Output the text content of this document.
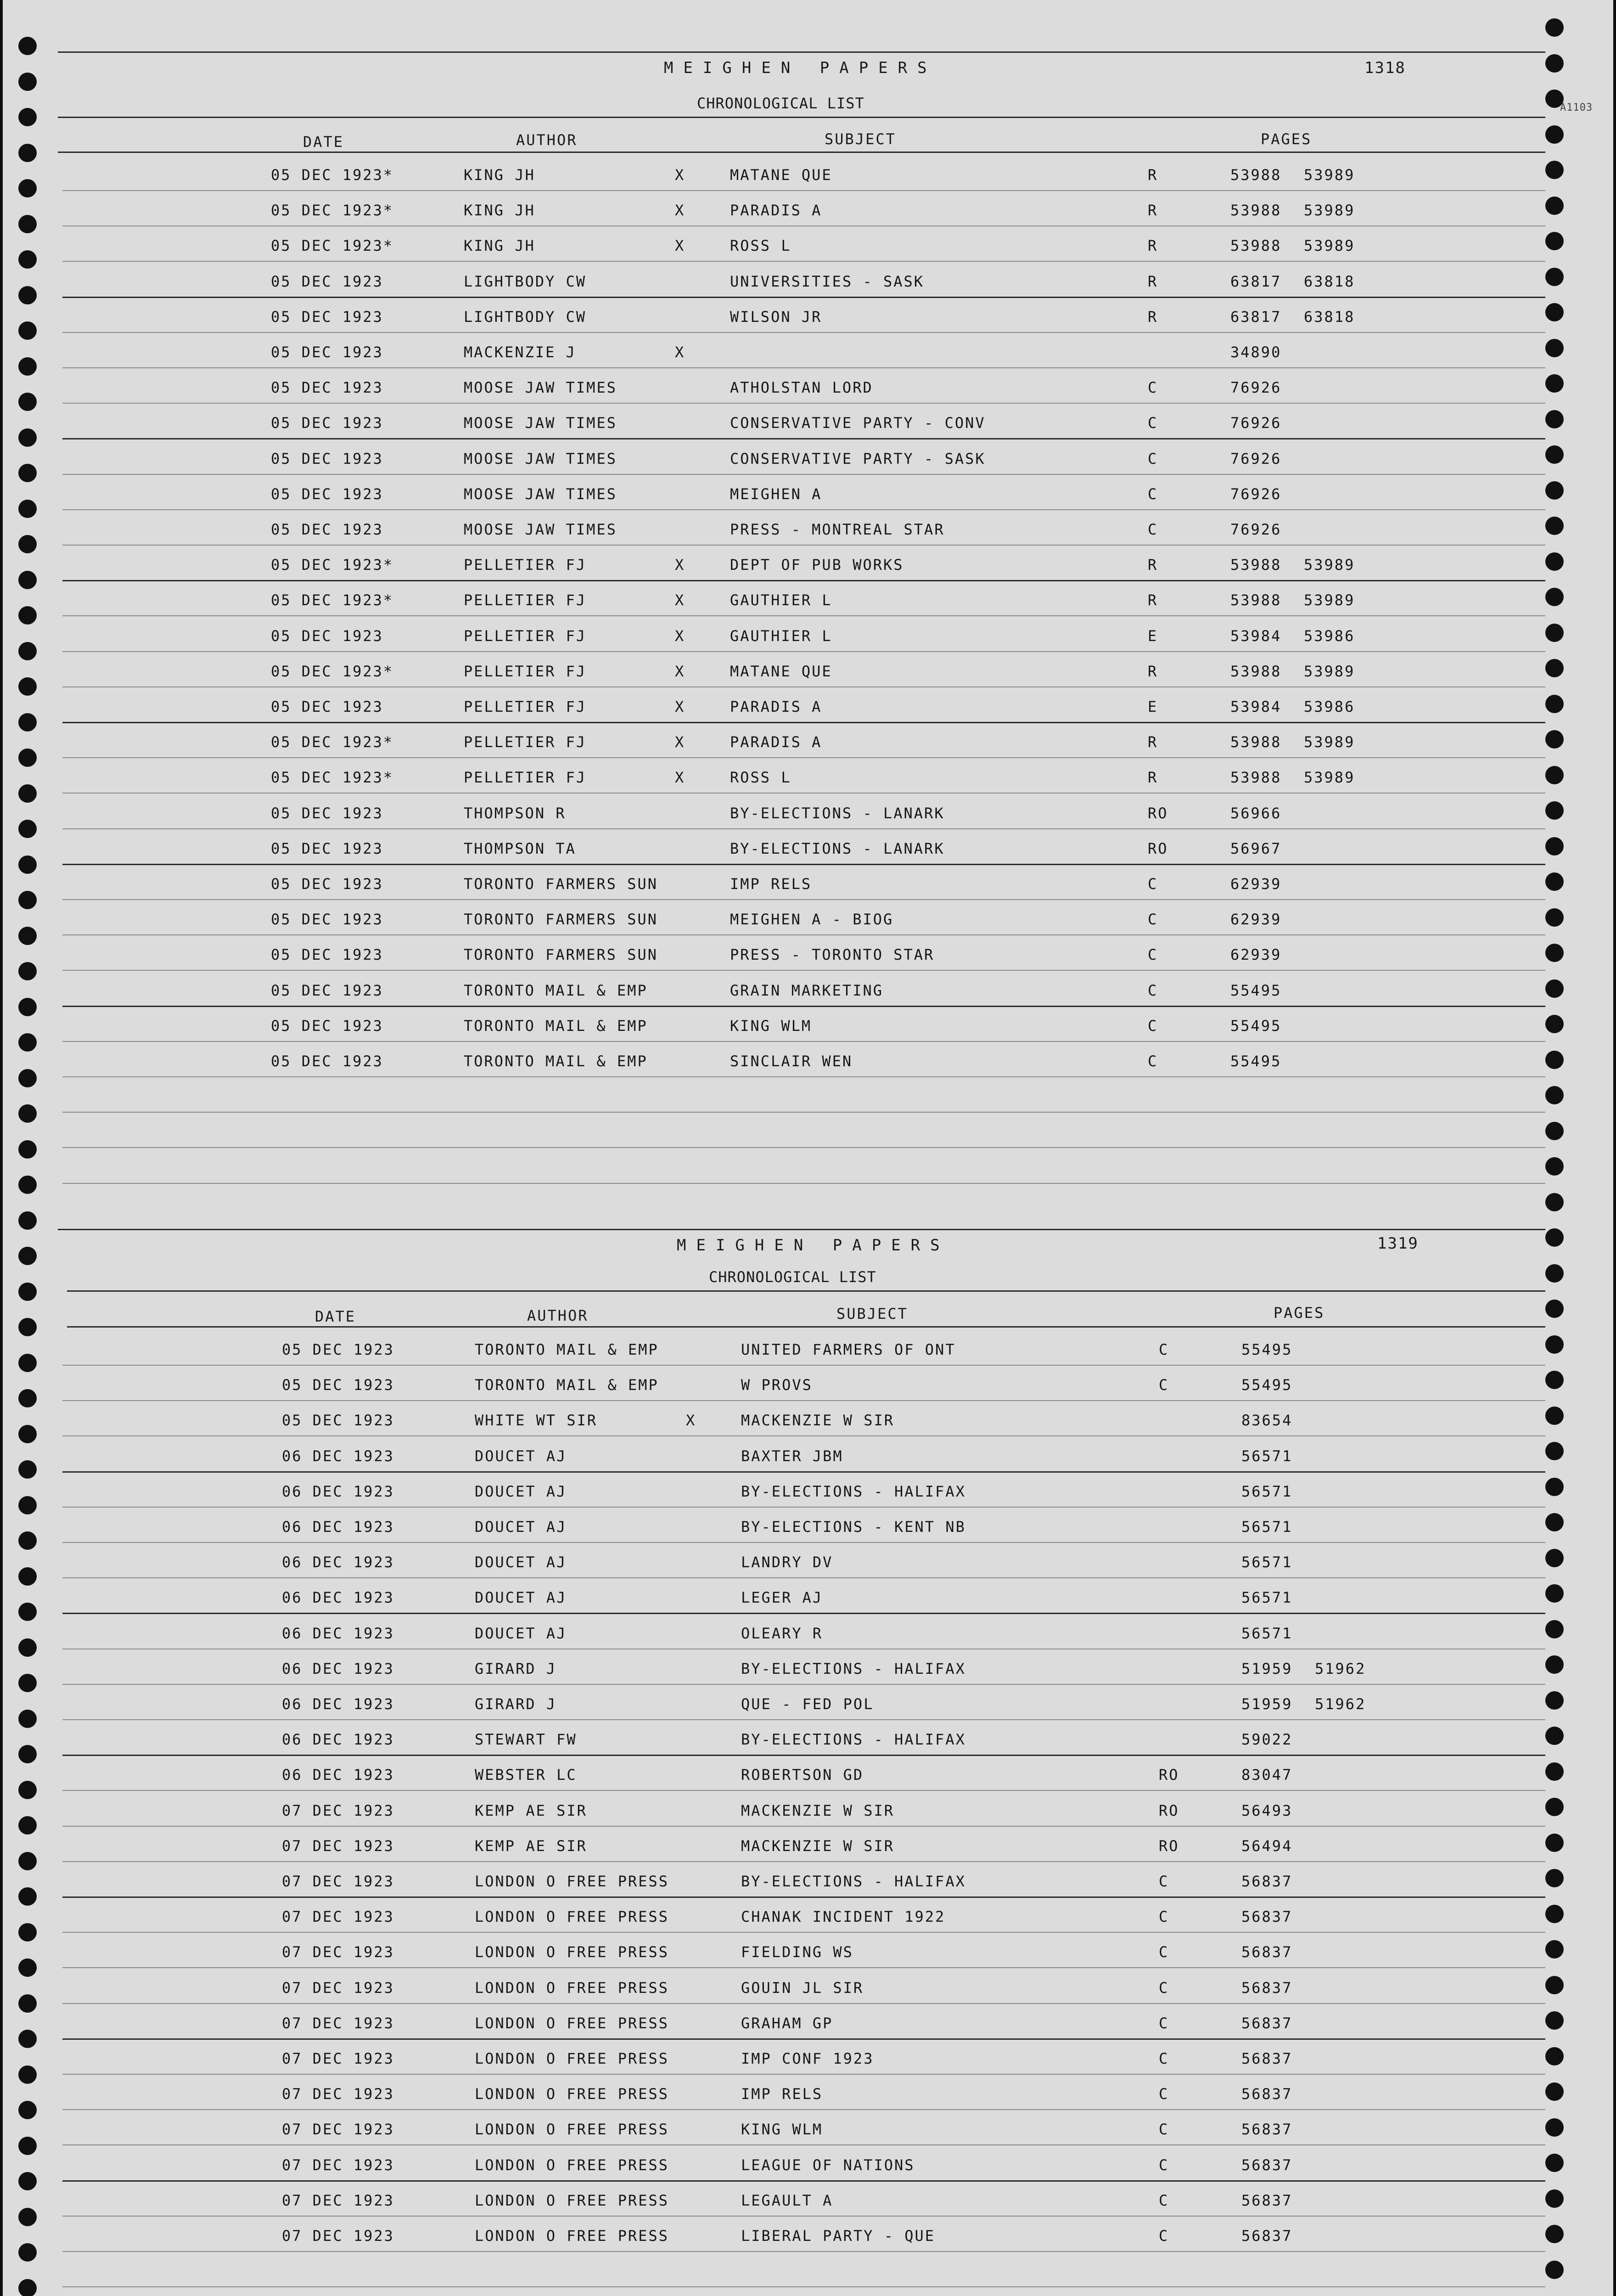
MEIGHEN PAPERS	1318
A1103
CHRONOLOGICAL LIST
DATE	AUTHOR	SUBJECT	PAGES
05 DEC 1923*	KING JH	X	MATANE QUE	R	53988 53989
05 DEC 1923*	KING JH	X	PARADIS A	R	53988 53989
05 DEC 1923*	KING JH	X	ROSS L	R	53988 53989
05 DEC 1923	LIGHTBODY CW	UNIVERSITIES - SASK	R	63817 63818
05 DEC 1923	LIGHTBODY CW	WILSON JR	R	63817 63818
05 DEC 1923	MACKENZIE J	X	34890
05 DEC 1923	MOOSE JAW TIMES	ATHOLSTAN LORD	C	76926
05 DEC 1923	MOOSE JAW TIMES	CONSERVATIVE PARTY - CONV	C	76926
05 DEC 1923	MOOSE JAW TIMES	CONSERVATIVE PARTY - SASK	C	76926
05 DEC 1923	MOOSE JAW TIMES	MEIGHEN A	C	76926
05 DEC 1923	MOOSE JAW TIMES	PRESS - MONTREAL STAR	C	76926
05 DEC 1923*	PELLETIER FJ	X	DEPT OF PUB WORKS	R	53988 53989
05 DEC 1923*	PELLETIER FJ	X	GAUTHIER L	R	53988 53989
05 DEC 1923	PELLETIER FJ	X	GAUTHIER L	E	53984 53986
05 DEC 1923*	PELLETIER FJ	X	MATANE QUE	R	53988 53989
05 DEC 1923	PELLETIER FJ	X	PARADIS A	E	53984 53986
05 DEC 1923*	PELLETIER FJ	X	PARADIS A	R	53988 53989
05 DEC 1923*	PELLETIER FJ	X	ROSS L	R	53988 53989
05 DEC 1923	THOMPSON R	BY-ELECTIONS - LANARK	RO	56966
05 DEC 1923	THOMPSON TA	BY-ELECTIONS - LANARK	RO	56967
05 DEC 1923	TORONTO FARMERS SUN	IMP RELS	C	62939
05 DEC 1923	TORONTO FARMERS SUN	MEIGHEN A - BIOG	C	62939
05 DEC 1923	TORONTO FARMERS SUN	PRESS - TORONTO STAR	C	62939
05 DEC 1923	TORONTO MAIL & EMP	GRAIN MARKETING	C	55495
05 DEC 1923	TORONTO MAIL & EMP	KING WLM	C	55495
05 DEC 1923	TORONTO MAIL & EMP	SINCLAIR WEN	C	55495
MEIGHEN PAPERS	1319
CHRONOLOGICAL LIST
DATE	AUTHOR	SUBJECT	PAGES
05 DEC 1923	TORONTO MAIL & EMP	UNITED FARMERS OF ONT	C	55495
05 DEC 1923	TORONTO MAIL & EMP	W PROVS	C	55495
05 DEC 1923	WHITE WT SIR	X	MACKENZIE W SIR	83654
06 DEC 1923	DOUCET AJ	BAXTER JBM	56571
06 DEC 1923	DOUCET AJ	BY-ELECTIONS - HALIFAX	56571
06 DEC 1923	DOUCET AJ	BY-ELECTIONS - KENT NB	56571
06 DEC 1923	DOUCET AJ	LANDRY DV	56571
06 DEC 1923	DOUCET AJ	LEGER AJ	56571
06 DEC 1923	DOUCET AJ	OLEARY R	56571
06 DEC 1923	GIRARD J	BY-ELECTIONS - HALIFAX	51959 51962
06 DEC 1923	GIRARD J	QUE - FED POL	51959 51962
06 DEC 1923	STEWART FW	BY-ELECTIONS - HALIFAX	59022
06 DEC 1923	WEBSTER LC	ROBERTSON GD	RO	83047
07 DEC 1923	KEMP AE SIR	MACKENZIE W SIR	RO	56493
07 DEC 1923	KEMP AE SIR	MACKENZIE W SIR	RO	56494
07 DEC 1923	LONDON O FREE PRESS	BY-ELECTIONS - HALIFAX	C	56837
07 DEC 1923	LONDON O FREE PRESS	CHANAK INCIDENT 1922	C	56837
07 DEC 1923	LONDON O FREE PRESS	FIELDING WS	C	56837
07 DEC 1923	LONDON O FREE PRESS	GOUIN JL SIR	C	56837
07 DEC 1923	LONDON O FREE PRESS	GRAHAM GP	C	56837
07 DEC 1923	LONDON O FREE PRESS	IMP CONF 1923	C	56837
07 DEC 1923	LONDON O FREE PRESS	IMP RELS	C	56837
07 DEC 1923	LONDON O FREE PRESS	KING WLM	C	56837
07 DEC 1923	LONDON O FREE PRESS	LEAGUE OF NATIONS	C	56837
07 DEC 1923	LONDON O FREE PRESS	LEGAULT A	C	56837
07 DEC 1923	LONDON O FREE PRESS	LIBERAL PARTY - QUE	C	56837
